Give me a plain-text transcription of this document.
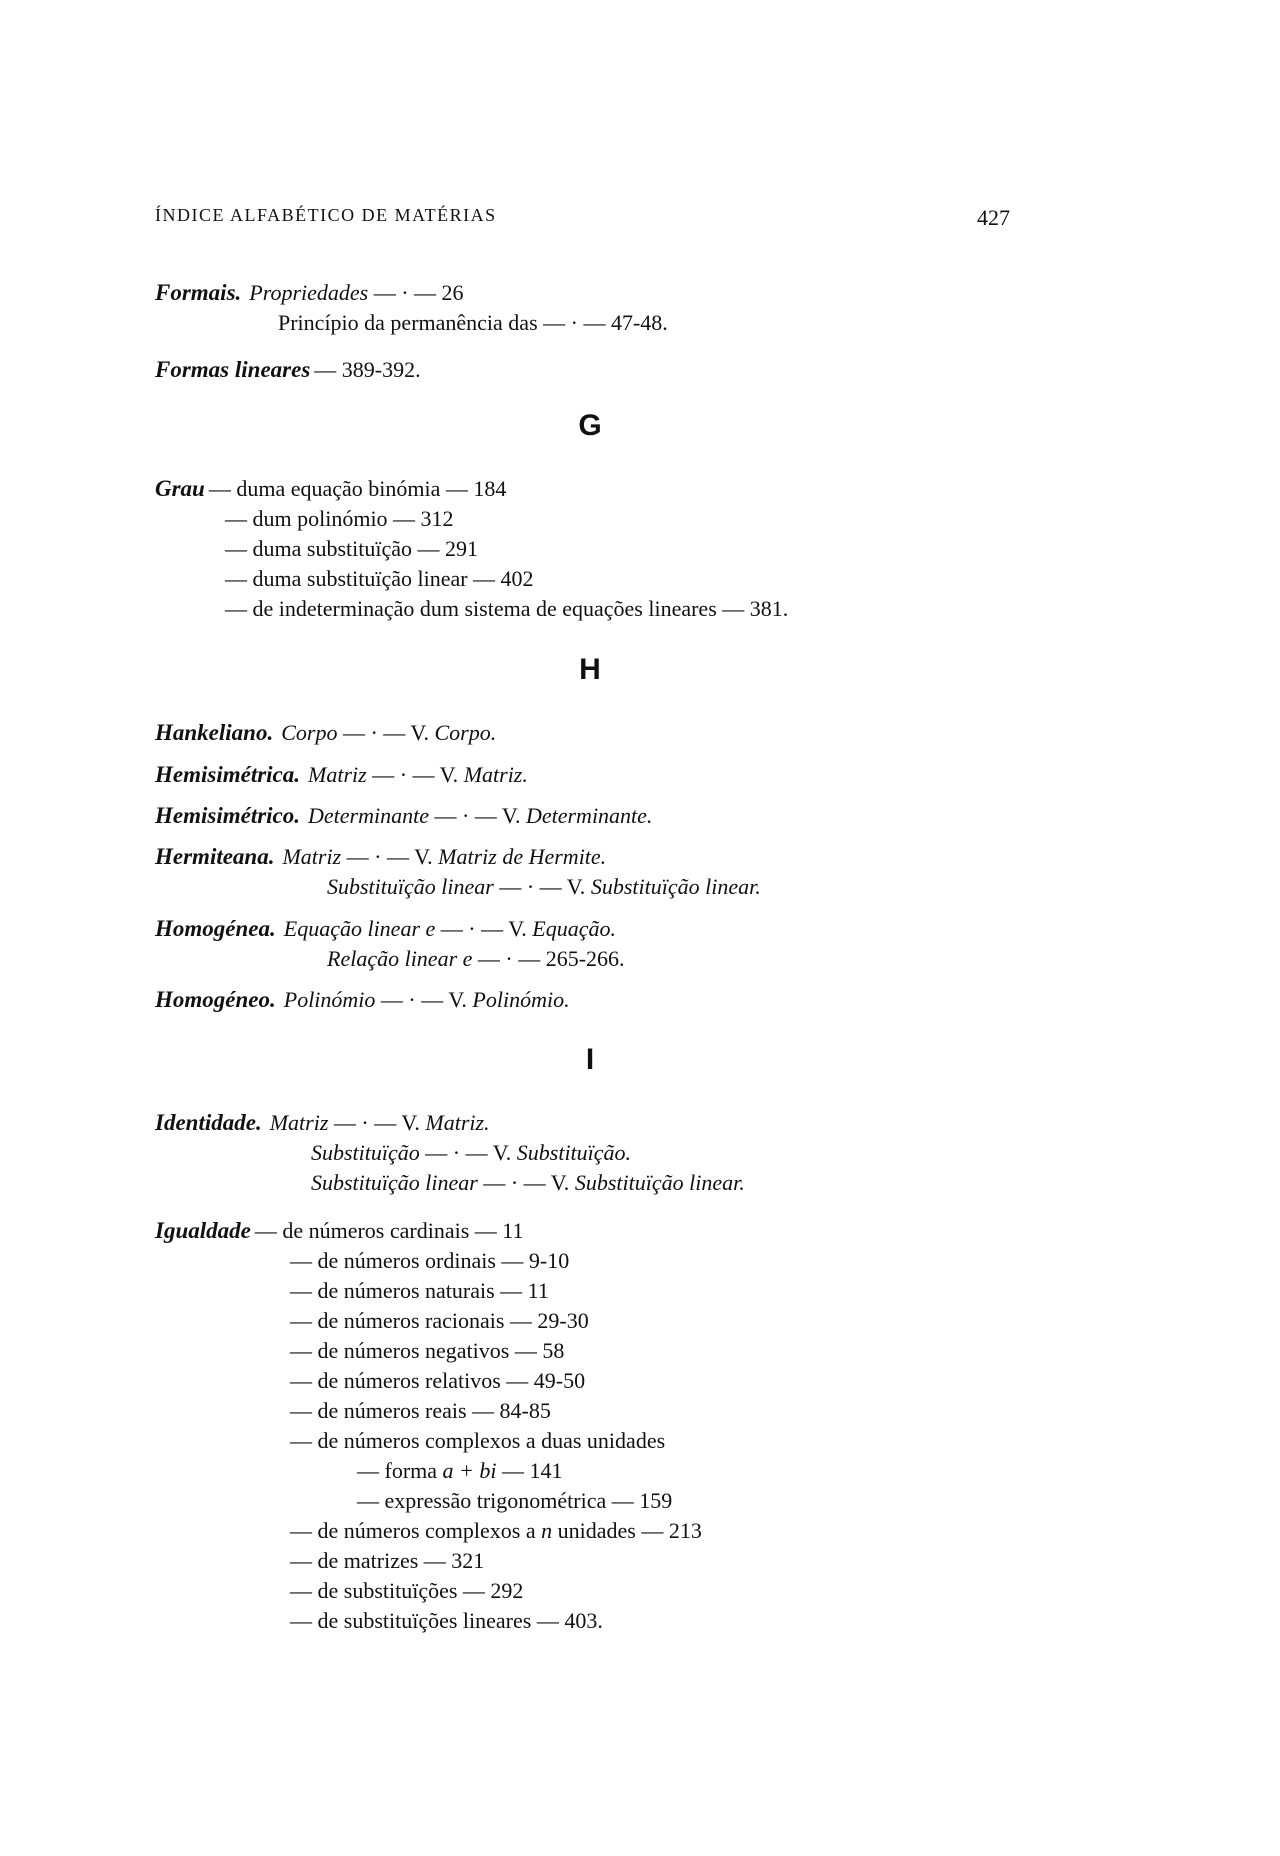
ÍNDICE ALFABÉTICO DE MATÉRIAS	427
Formais. Propriedades — · — 26
Princípio da permanência das — · — 47-48.
Formas lineares — 389-392.
G
Grau — duma equação binómia — 184
— dum polinómio — 312
— duma substituïção — 291
— duma substituïção linear — 402
— de indeterminação dum sistema de equações lineares — 381.
H
Hankeliano. Corpo — · — V. Corpo.
Hemisimétrica. Matriz — · — V. Matriz.
Hemisimétrico. Determinante — · — V. Determinante.
Hermiteana. Matriz — · — V. Matriz de Hermite.
Substituïção linear — · — V. Substituïção linear.
Homogénea. Equação linear e — · — V. Equação.
Relação linear e — · — 265-266.
Homogéneo. Polinómio — · — V. Polinómio.
I
Identidade. Matriz — · — V. Matriz.
Substituïção — · — V. Substituïção.
Substituïção linear — · — V. Substituïção linear.
Igualdade — de números cardinais — 11
— de números ordinais — 9-10
— de números naturais — 11
— de números racionais — 29-30
— de números negativos — 58
— de números relativos — 49-50
— de números reais — 84-85
— de números complexos a duas unidades
— forma a + bi — 141
— expressão trigonométrica — 159
— de números complexos a n unidades — 213
— de matrizes — 321
— de substituïções — 292
— de substituïções lineares — 403.
